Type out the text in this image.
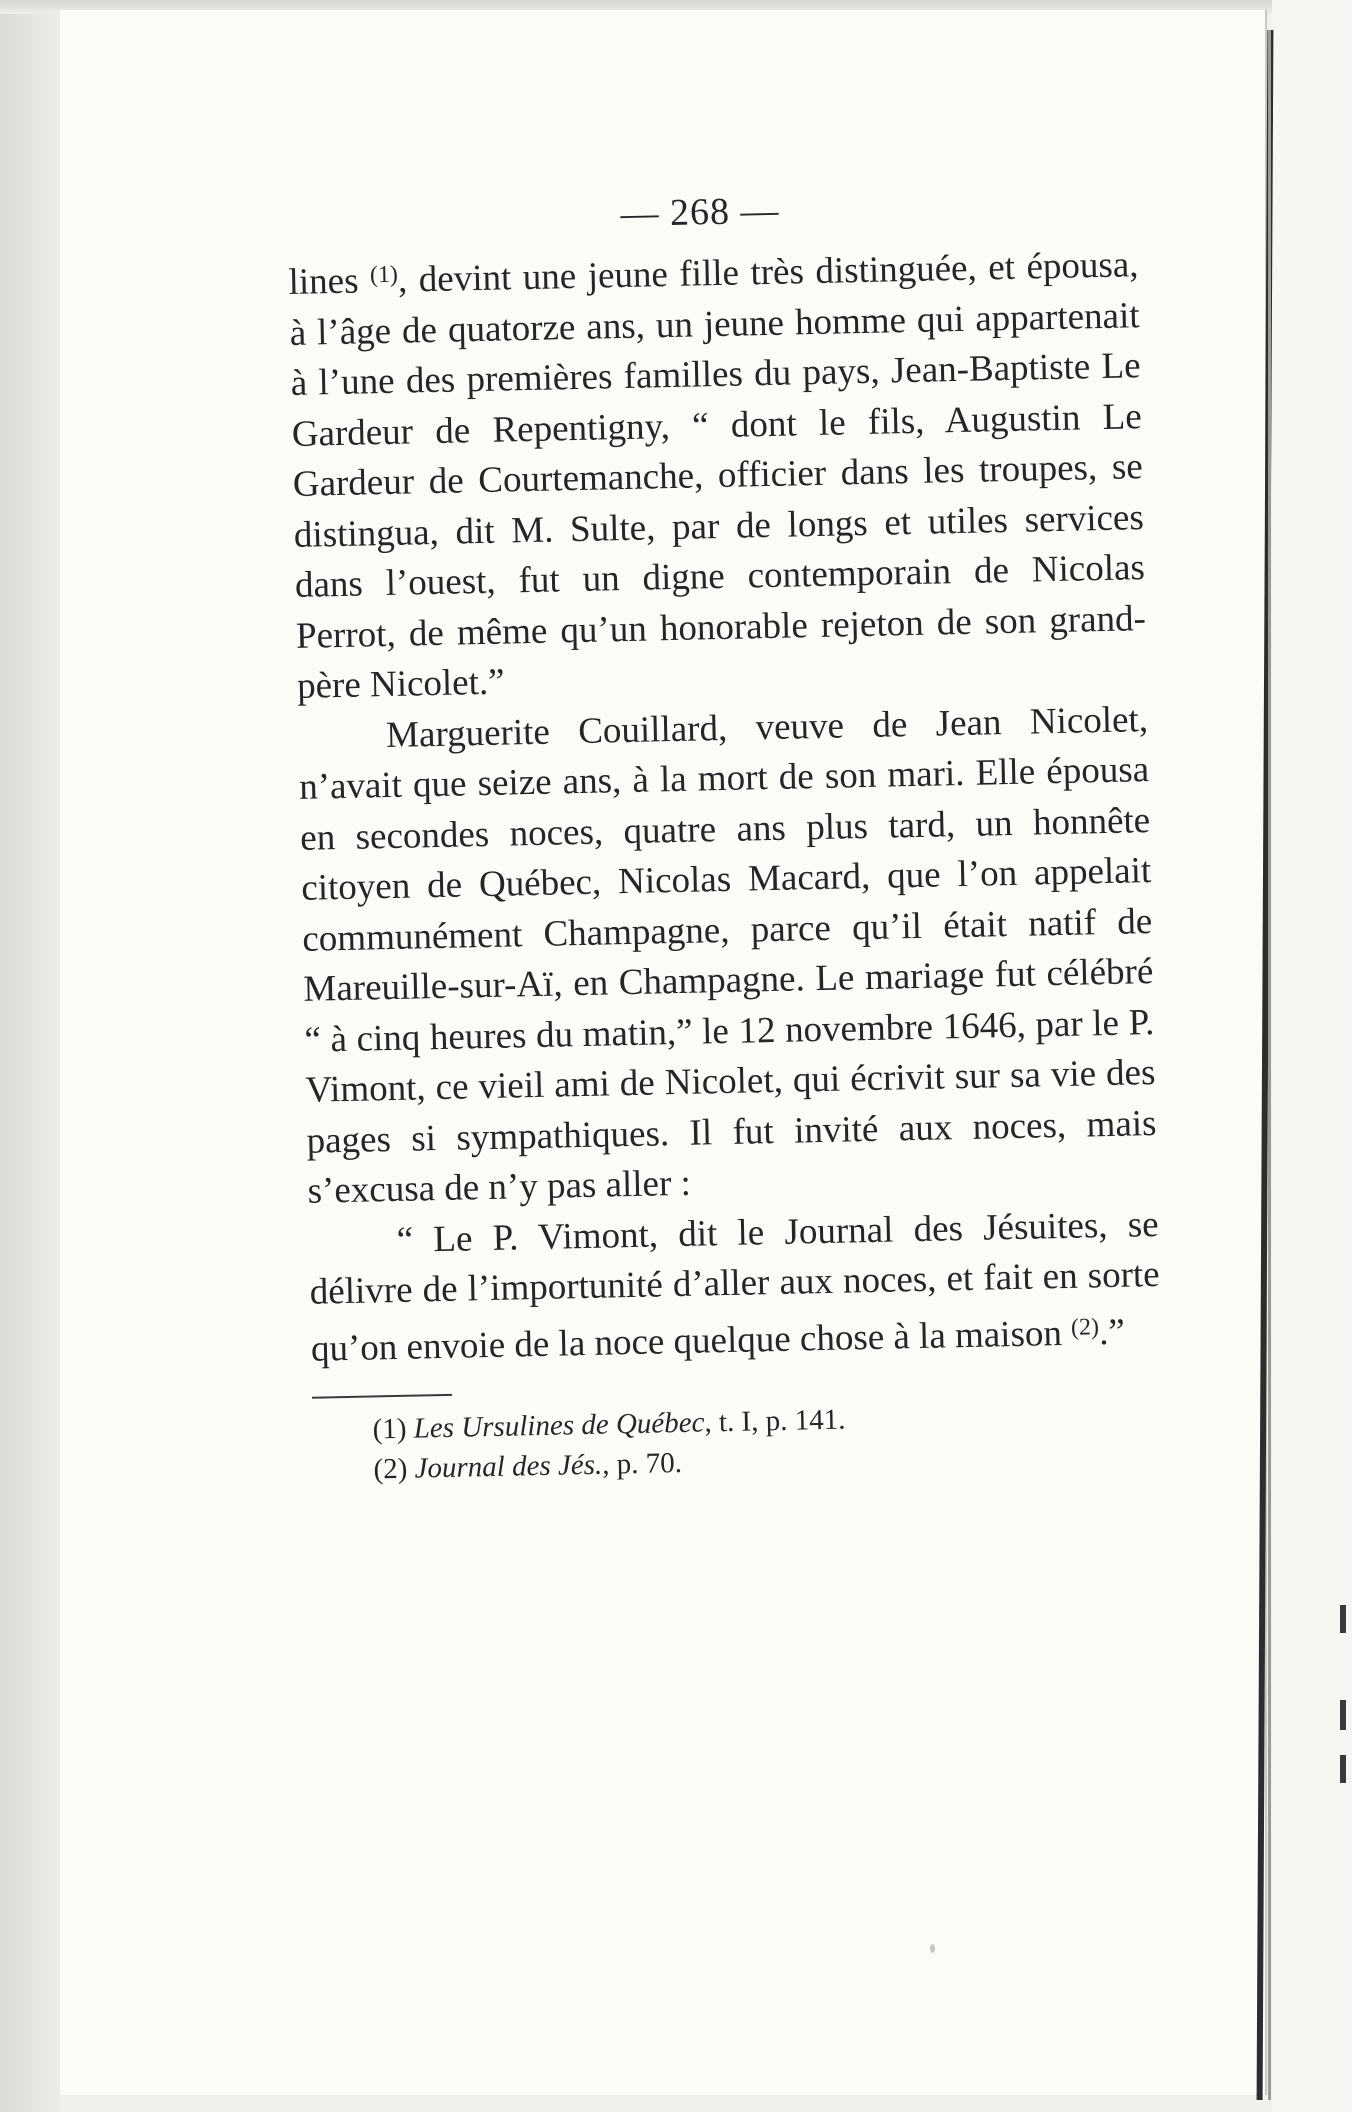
— 268 —

lines $^{(1)}$, devint une jeune fille très distinguée, et épousa, à l’âge de quatorze ans, un jeune homme qui appartenait à l’une des premières familles du pays, Jean-Baptiste Le Gardeur de Repentigny, “ dont le fils, Augustin Le Gardeur de Courtemanche, officier dans les troupes, se distingua, dit M. Sulte, par de longs et utiles services dans l’ouest, fut un digne contemporain de Nicolas Perrot, de même qu’un honorable rejeton de son grand-père Nicolet.”

Marguerite Couillard, veuve de Jean Nicolet, n’avait que seize ans, à la mort de son mari. Elle épousa en secondes noces, quatre ans plus tard, un honnête citoyen de Québec, Nicolas Macard, que l’on appelait communément Champagne, parce qu’il était natif de Mareuille-sur-Aï, en Champagne. Le mariage fut célébré “ à cinq heures du matin,” le 12 novembre 1646, par le P. Vimont, ce vieil ami de Nicolet, qui écrivit sur sa vie des pages si sympathiques. Il fut invité aux noces, mais s’excusa de n’y pas aller :

“ Le P. Vimont, dit le Journal des Jésuites, se délivre de l’importunité d’aller aux noces, et fait en sorte qu’on envoie de la noce quelque chose à la maison $^{(2)}$.”

(1) Les Ursulines de Québec, t. I, p. 141.

(2) Journal des Jés., p. 70.
